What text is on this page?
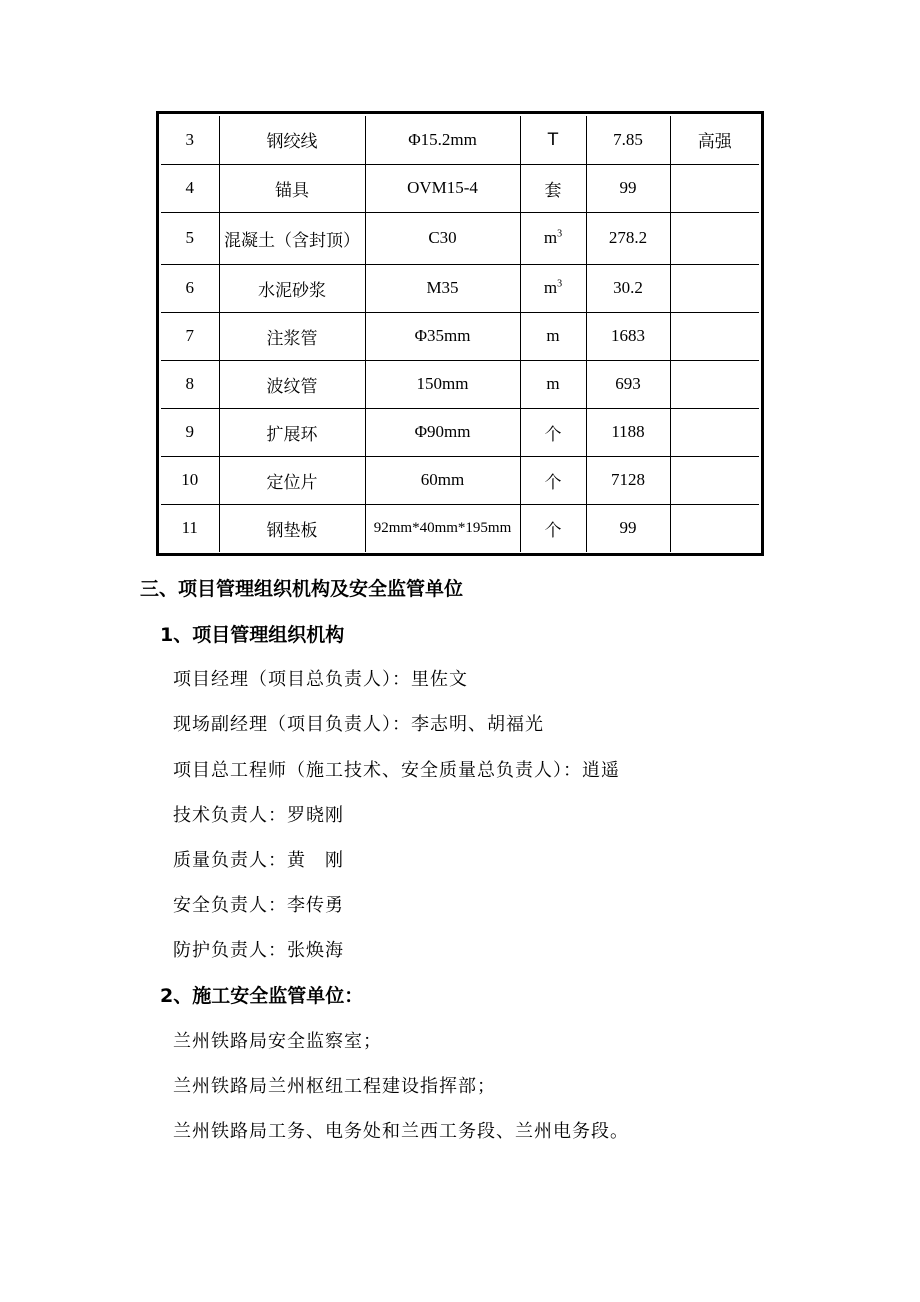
3	钢绞线	Φ15.2mm	T	7.85	高强
4	锚具	OVM15-4	套	99	
5	混凝土（含封顶）	C30	$m^3$	278.2	
6	水泥砂浆	M35	$m^3$	30.2	
7	注浆管	Φ35mm	m	1683	
8	波纹管	150mm	m	693	
9	扩展环	Φ90mm	个	1188	
10	定位片	60mm	个	7128	
11	钢垫板	92mm*40mm*195mm	个	99	
三、项目管理组织机构及安全监管单位
1、项目管理组织机构
项目经理（项目总负责人）：里佐文
现场副经理（项目负责人）：李志明、胡福光
项目总工程师（施工技术、安全质量总负责人）：逍遥
技术负责人：罗晓刚
质量负责人：黄　刚
安全负责人：李传勇
防护负责人：张焕海
2、施工安全监管单位：
兰州铁路局安全监察室；
兰州铁路局兰州枢纽工程建设指挥部；
兰州铁路局工务、电务处和兰西工务段、兰州电务段。
